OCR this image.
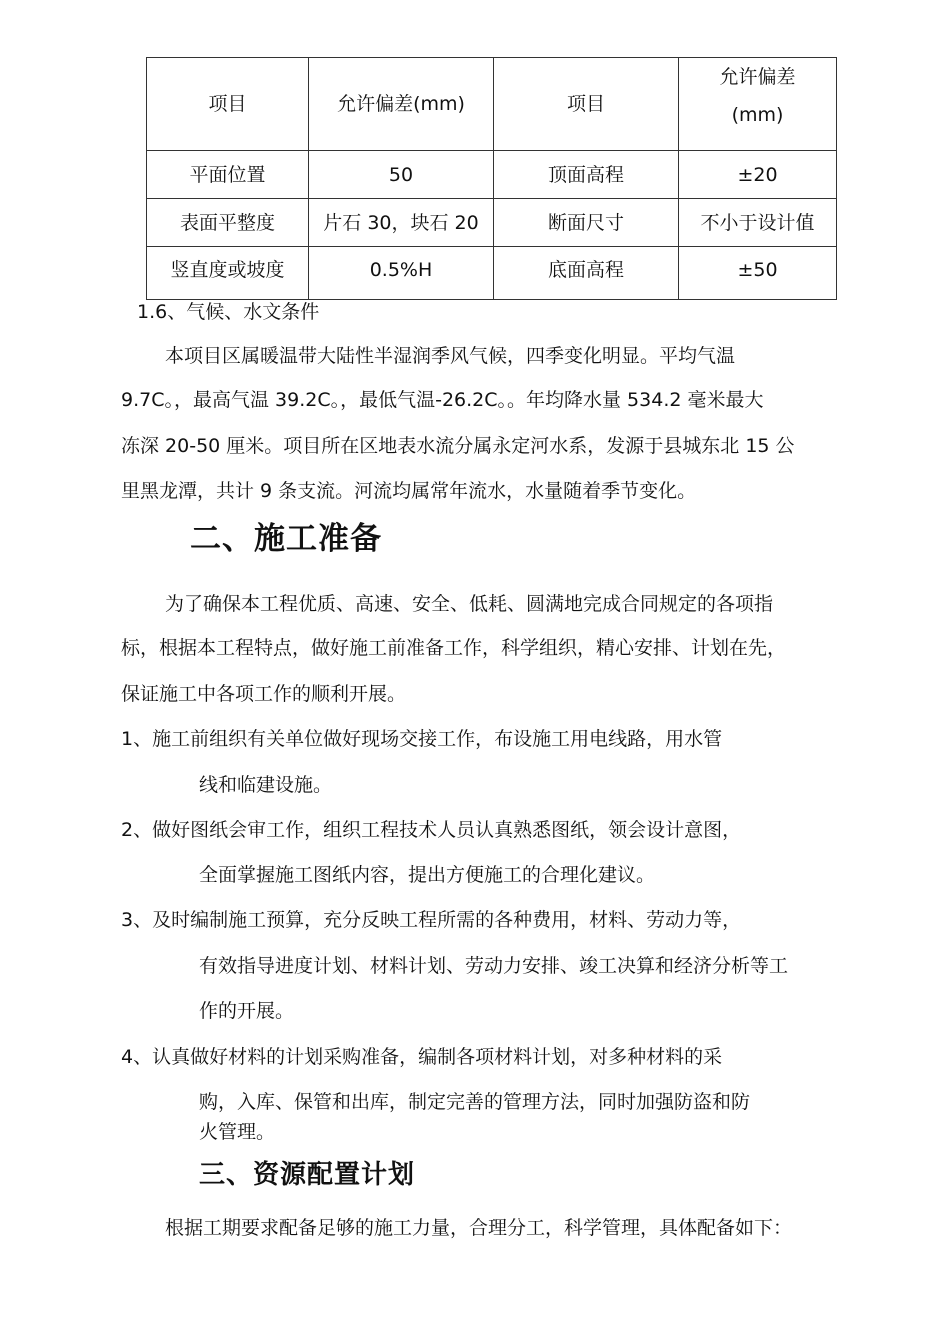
项目	允许偏差(mm)	项目	允许偏差
(mm)

平面位置	50	顶面高程	±20
表面平整度	片石 30，块石 20	断面尺寸	不小于设计值
竖直度或坡度	0.5%H	底面高程	±50
1.6、气候、水文条件
本项目区属暖温带大陆性半湿润季风气候，四季变化明显。平均气温
9.7C。，最高气温 39.2C。，最低气温-26.2C。。年均降水量 534.2 毫米最大
冻深 20-50 厘米。项目所在区地表水流分属永定河水系，发源于县城东北 15 公
里黑龙潭，共计 9 条支流。河流均属常年流水，水量随着季节变化。
二、施工准备
为了确保本工程优质、高速、安全、低耗、圆满地完成合同规定的各项指
标，根据本工程特点，做好施工前准备工作，科学组织，精心安排、计划在先，
保证施工中各项工作的顺利开展。
1、施工前组织有关单位做好现场交接工作，布设施工用电线路，用水管
线和临建设施。
2、做好图纸会审工作，组织工程技术人员认真熟悉图纸，领会设计意图，
全面掌握施工图纸内容，提出方便施工的合理化建议。
3、及时编制施工预算，充分反映工程所需的各种费用，材料、劳动力等，
有效指导进度计划、材料计划、劳动力安排、竣工决算和经济分析等工
作的开展。
4、认真做好材料的计划采购准备，编制各项材料计划，对多种材料的采
购，入库、保管和出库，制定完善的管理方法，同时加强防盗和防
火管理。
三、资源配置计划
根据工期要求配备足够的施工力量，合理分工，科学管理，具体配备如下：
